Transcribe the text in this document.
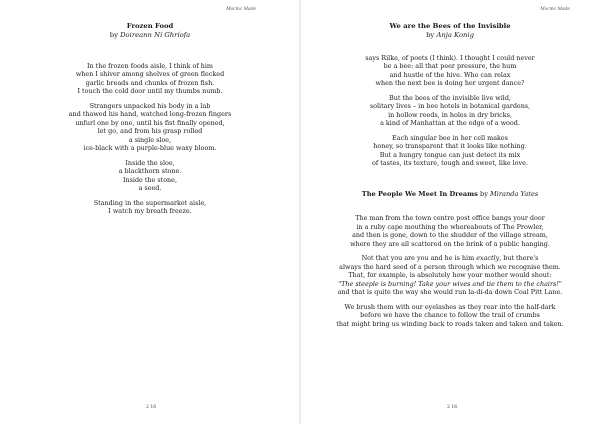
Mscmc Made
Frozen Food
by Doireann Ní Ghríofa
In the frozen foods aisle, I think of him
when I shiver among shelves of green flecked
garlic breads and chunks of frozen fish.
I touch the cold door until my thumbs numb.
Strangers unpacked his body in a lab
and thawed his hand, watched long-frozen fingers
unfurl one by one, until his fist finally opened,
let go, and from his grasp rolled
a single sloe,
ice-black with a purple-blue waxy bloom.
Inside the sloe,
a blackthorn stone.
Inside the stone,
a seed.
Standing in the supermarket aisle,
I watch my breath freeze.
2 16
Mscmc Made
We are the Bees of the Invisible
by Anja Konig
says Rilke, of poets (I think). I thought I could never
be a bee: all that peer pressure, the hum
and hustle of the hive. Who can relax
when the next bee is doing her urgent dance?
But the bees of the invisible live wild,
solitary lives – in bee hotels in botanical gardens,
in hollow reeds, in holes in dry bricks,
a kind of Manhattan at the edge of a wood.
Each singular bee in her cell makes
honey, so transparent that it looks like nothing.
But a hungry tongue can just detect its mix
of tastes, its texture, tough and sweet, like love.
The People We Meet In Dreams by Miranda Yates
The man from the town centre post office bangs your door
in a ruby cape mouthing the whereabouts of The Prowler,
and then is gone, down to the shudder of the village stream,
where they are all scattered on the brink of a public hanging.
Not that you are you and he is him exactly, but there's
always the hard seed of a person through which we recognise them.
That, for example, is absolutely how your mother would shout:
"The steeple is burning! Take your wives and tie them to the chairs!"
and that is quite the way she would run la-di-da down Coal Pitt Lane.
We brush them with our eyelashes as they rear into the half-dark
before we have the chance to follow the trail of crumbs
that might bring us winding back to roads taken and taken and taken.
2 16
